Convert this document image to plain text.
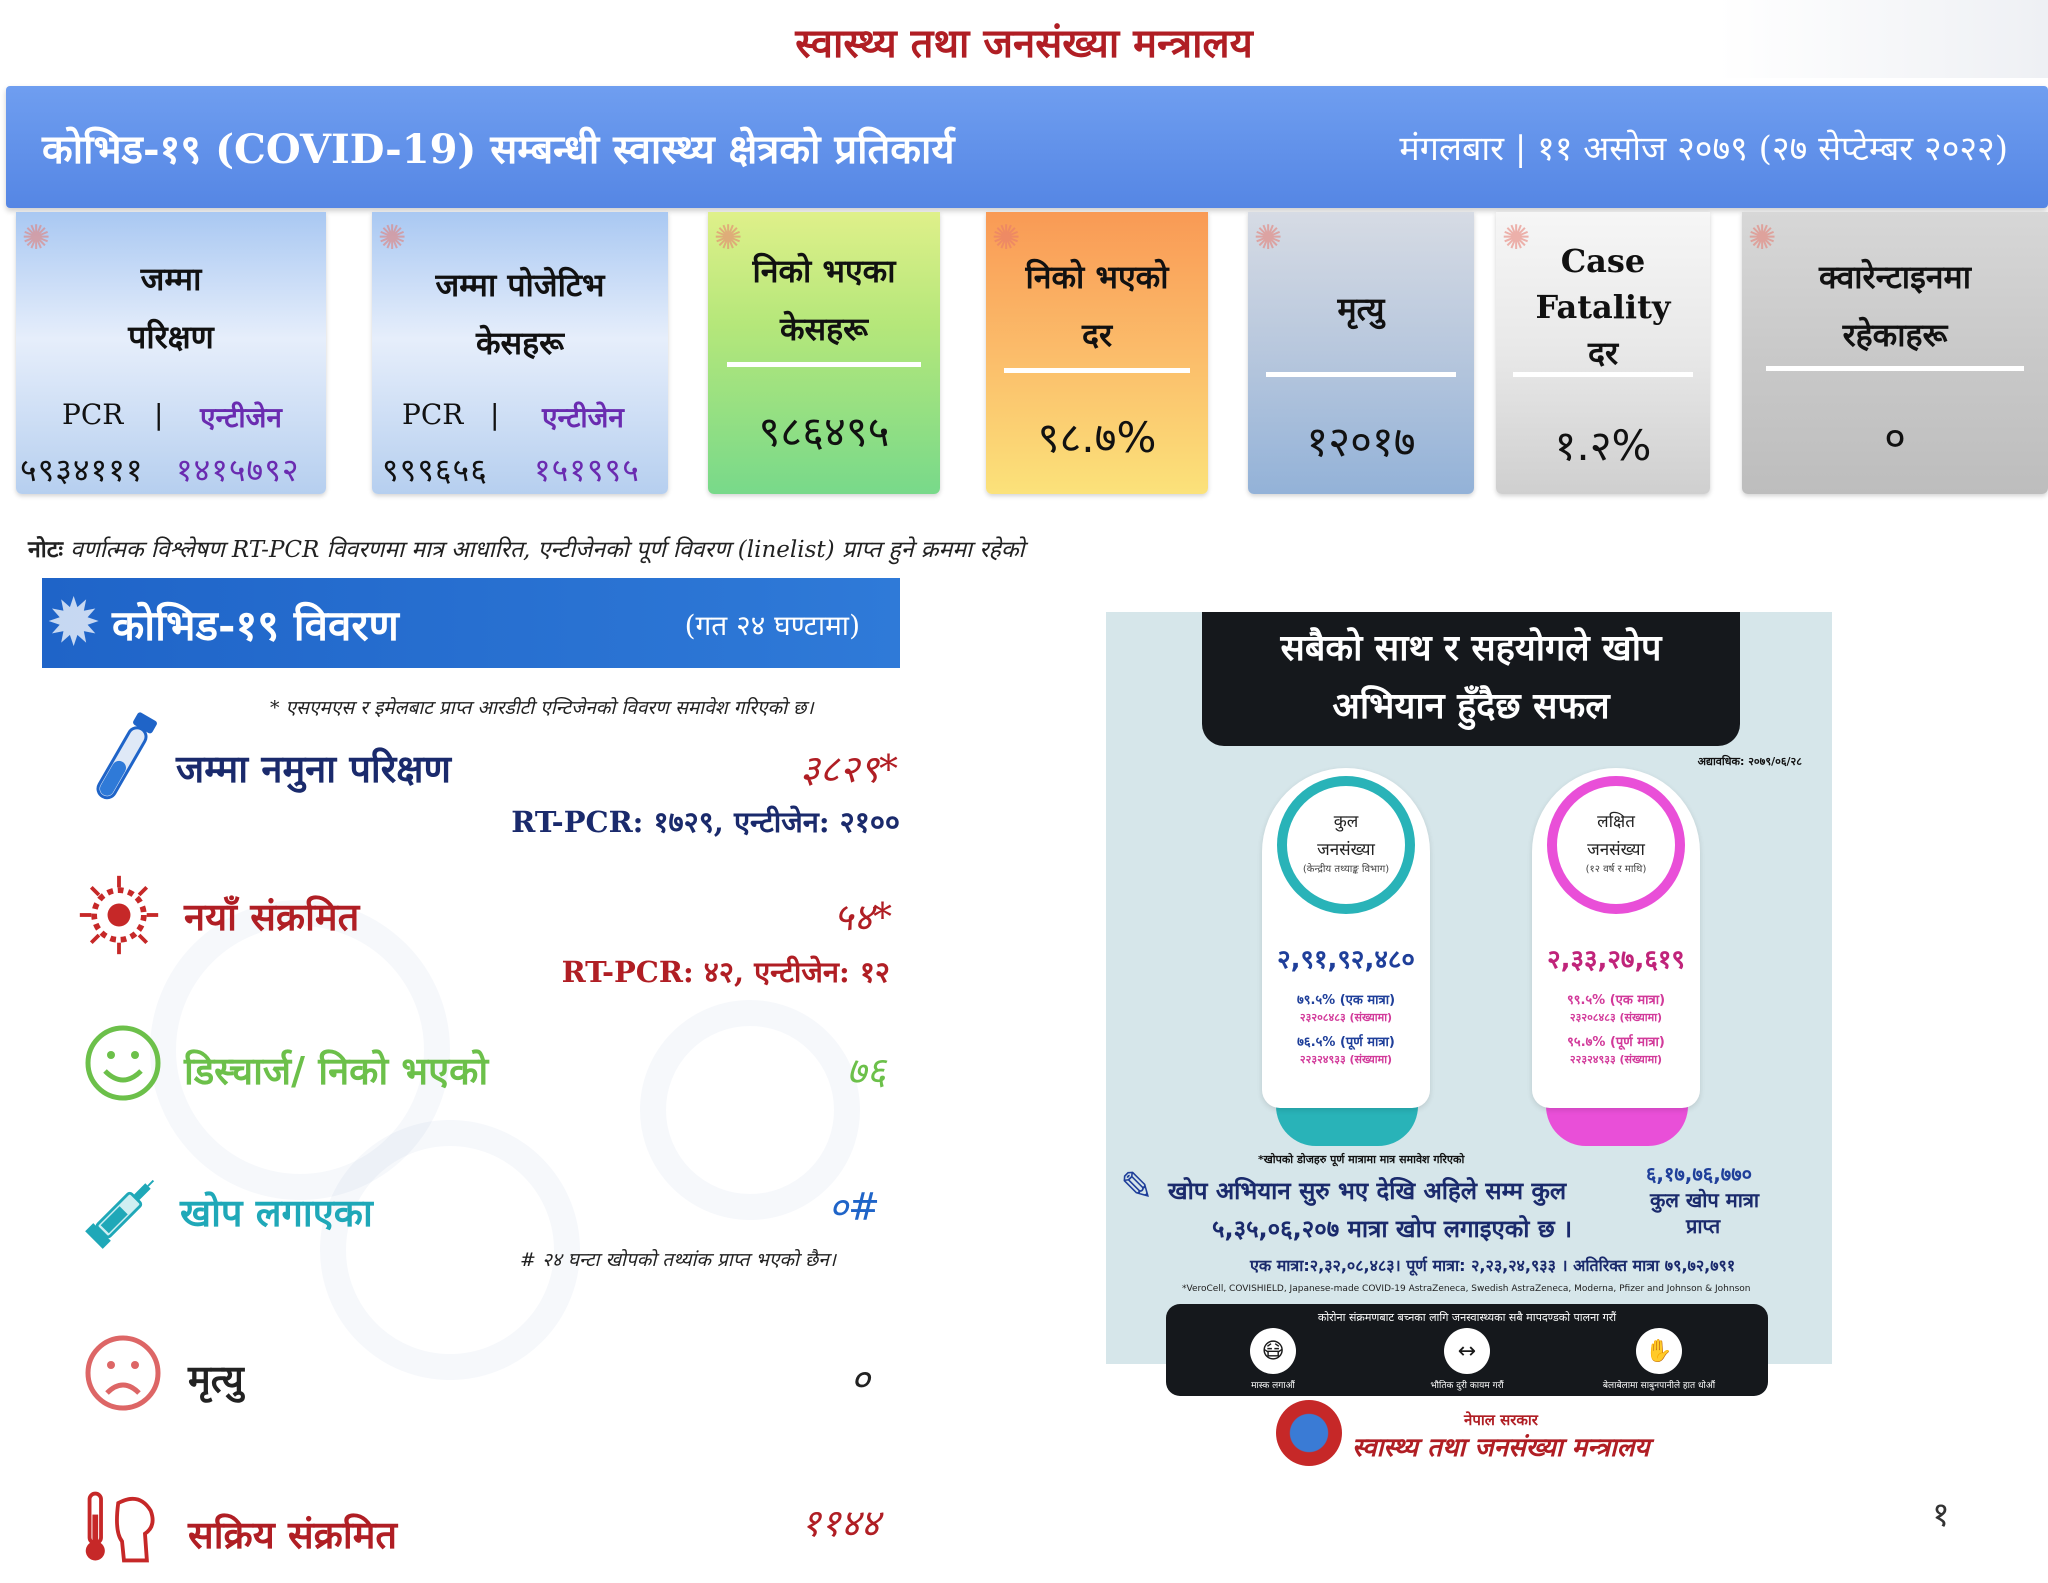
स्वास्थ्य तथा जनसंख्या मन्त्रालय
कोभिड-१९ (COVID-19) सम्बन्धी स्वास्थ्य क्षेत्रको प्रतिकार्य	मंगलबार | ११ असोज २०७९ (२७ सेप्टेम्बर २०२२)
✺
जम्मा
परिक्षण
PCR | एन्टीजेन
५९३४१११ १४१५७९२
✺
जम्मा पोजेटिभ
केसहरू
PCR | एन्टीजेन
९९९६५६ १५१९९५
✺
निको भएका
केसहरू
९८६४९५
✺
निको भएको
दर
९८.७%
✺
मृत्यु
१२०१७
✺
Case
Fatality
दर
१.२%
✺
क्वारेन्टाइनमा
रहेकाहरू
०
नोटः वर्णात्मक विश्लेषण RT-PCR विवरणमा मात्र आधारित, एन्टीजेनको पूर्ण विवरण (linelist) प्राप्त हुने क्रममा रहेको
✹ कोभिड-१९ विवरण	(गत २४ घण्टामा)
* एसएमएस र इमेलबाट प्राप्त आरडीटी एन्टिजेनको विवरण समावेश गरिएको छ।
जम्मा नमुना परिक्षण	३८२९*
RT-PCR: १७२९, एन्टीजेन: २१००
नयाँ संक्रमित	५४*
RT-PCR: ४२, एन्टीजेन: १२
डिस्चार्ज/ निको भएको	७६
खोप लगाएका	०#
# २४ घन्टा खोपको तथ्यांक प्राप्त भएको छैन।
मृत्यु	०
सक्रिय संक्रमित	११४४
सबैको साथ र सहयोगले खोप
अभियान हुँदैछ सफल
अद्यावधिक: २०७९/०६/२८
कुल
जनसंख्या
(केन्द्रीय तथ्याङ्क विभाग)
२,९१,९२,४८०
७९.५% (एक मात्रा)
२३२०८४८३ (संख्यामा)
७६.५% (पूर्ण मात्रा)
२२३२४९३३ (संख्यामा)
लक्षित
जनसंख्या
(१२ वर्ष र माथि)
२,३३,२७,६१९
९९.५% (एक मात्रा)
२३२०८४८३ (संख्यामा)
९५.७% (पूर्ण मात्रा)
२२३२४९३३ (संख्यामा)
*खोपको डोजहरु पूर्ण मात्रामा मात्र समावेश गरिएको
✎ खोप अभियान सुरु भए देखि अहिले सम्म कुल
५,३५,०६,२०७ मात्रा खोप लगाइएको छ ।
६,१७,७६,७७०
कुल खोप मात्रा
प्राप्त
एक मात्रा:२,३२,०८,४८३। पूर्ण मात्रा: २,२३,२४,९३३ । अतिरिक्त मात्रा ७९,७२,७९१
*VeroCell, COVISHIELD, Japanese-made COVID-19 AstraZeneca, Swedish AstraZeneca, Moderna, Pfizer and Johnson & Johnson
कोरोना संक्रमणबाट बच्नका लागि जनस्वास्थ्यका सबै मापदण्डको पालना गरौं
😷
मास्क लगाऔं
↔
भौतिक दुरी कायम गरौं
✋
बेलाबेलामा साबुनपानीले हात धोऔं
नेपाल सरकार
स्वास्थ्य तथा जनसंख्या मन्त्रालय
१
